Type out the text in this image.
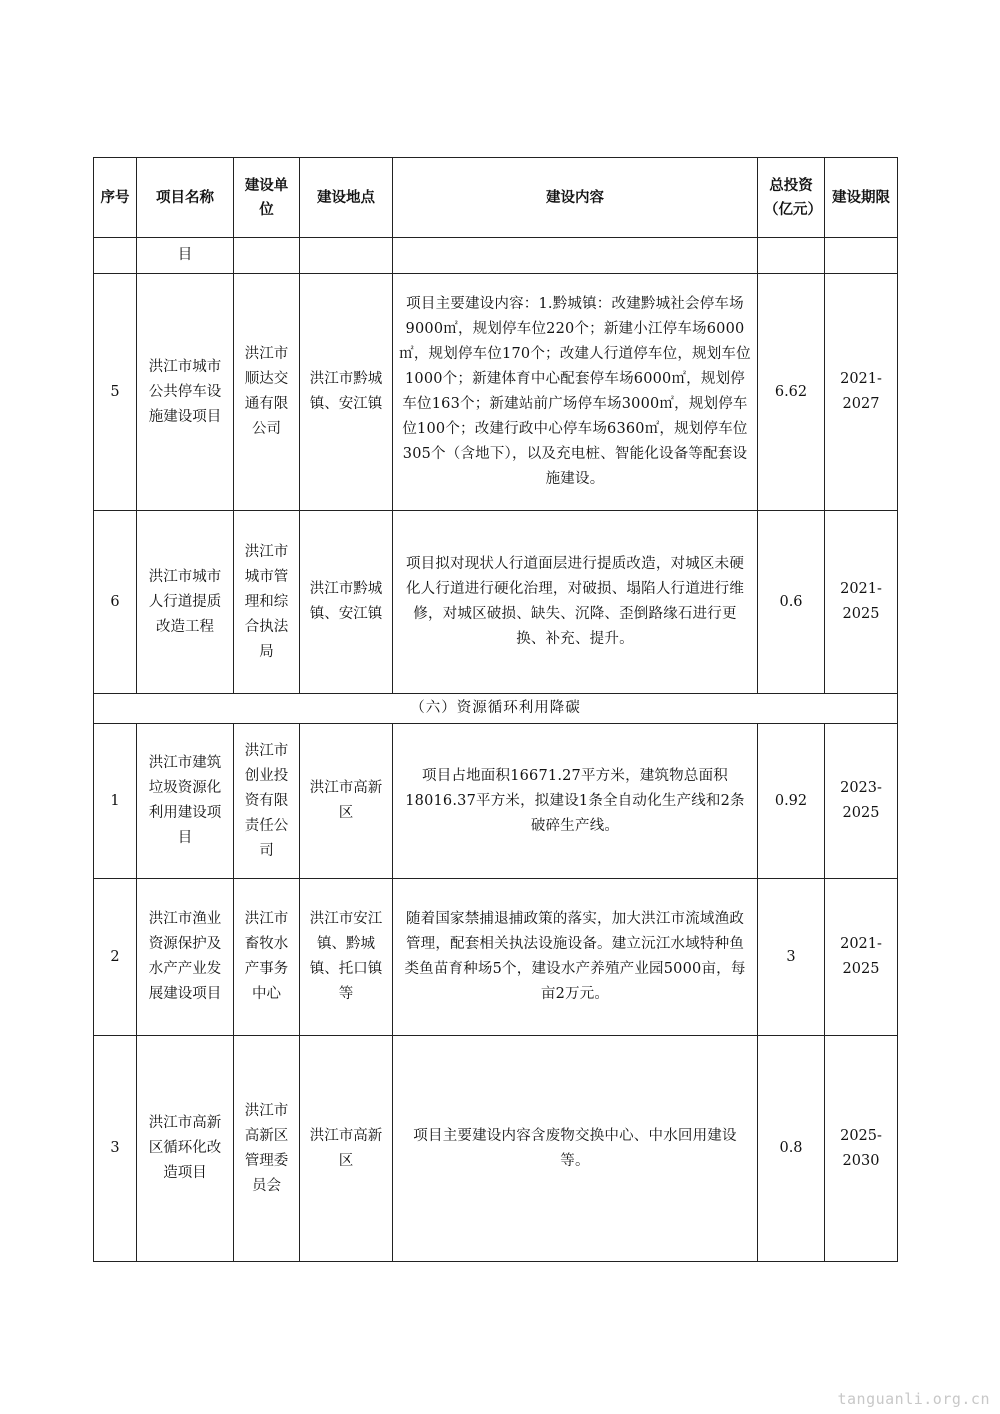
序号	项目名称	建设单位	建设地点	建设内容	总投资（亿元）	建设期限
	目					
5	洪江市城市公共停车设施建设项目	洪江市顺达交通有限公司	洪江市黔城镇、安江镇	项目主要建设内容：1.黔城镇：改建黔城社会停车场9000㎡，规划停车位220个；新建小江停车场6000㎡，规划停车位170个；改建人行道停车位，规划车位1000个；新建体育中心配套停车场6000㎡，规划停车位163个；新建站前广场停车场3000㎡，规划停车位100个；改建行政中心停车场6360㎡，规划停车位305个（含地下），以及充电桩、智能化设备等配套设施建设。	6.62	2021-2027
6	洪江市城市人行道提质改造工程	洪江市城市管理和综合执法局	洪江市黔城镇、安江镇	项目拟对现状人行道面层进行提质改造，对城区未硬化人行道进行硬化治理，对破损、塌陷人行道进行维修，对城区破损、缺失、沉降、歪倒路缘石进行更换、补充、提升。	0.6	2021-2025
（六）资源循环利用降碳						
1	洪江市建筑垃圾资源化利用建设项目	洪江市创业投资有限责任公司	洪江市高新区	项目占地面积16671.27平方米，建筑物总面积18016.37平方米，拟建设1条全自动化生产线和2条破碎生产线。	0.92	2023-2025
2	洪江市渔业资源保护及水产产业发展建设项目	洪江市畜牧水产事务中心	洪江市安江镇、黔城镇、托口镇等	随着国家禁捕退捕政策的落实，加大洪江市流域渔政管理，配套相关执法设施设备。建立沅江水域特种鱼类鱼苗育种场5个，建设水产养殖产业园5000亩，每亩2万元。	3	2021-2025
3	洪江市高新区循环化改造项目	洪江市高新区管理委员会	洪江市高新区	项目主要建设内容含废物交换中心、中水回用建设等。	0.8	2025-2030
tanguanli.org.cn
